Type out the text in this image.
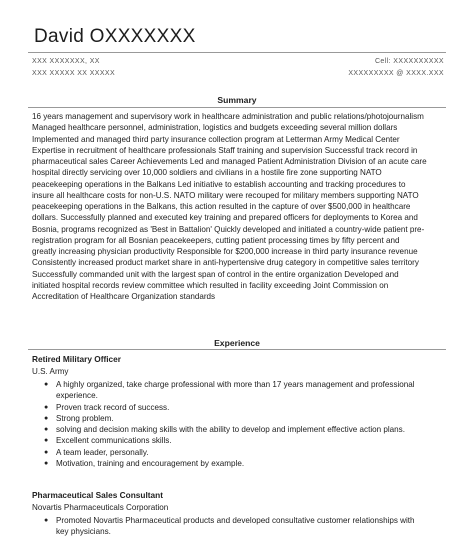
David OXXXXXXX
XXX XXXXXXX, XX
XXX XXXXX XX XXXXX
Cell: XXXXXXXXXX
XXXXXXXXX @ XXXX.XXX
Summary
16 years management and supervisory work in healthcare administration and public relations/photojournalism
Managed healthcare personnel, administration, logistics and budgets exceeding several million dollars
Implemented and managed third party insurance collection program at Letterman Army Medical Center
Expertise in recruitment of healthcare professionals Staff training and supervision Successful track record in
pharmaceutical sales Career Achievements Led and managed Patient Administration Division of an acute care
hospital directly servicing over 10,000 soldiers and civilians in a hostile fire zone supporting NATO
peacekeeping operations in the Balkans Led initiative to establish accounting and tracking procedures to
insure all healthcare costs for non-U.S. NATO military were recouped for military members supporting NATO
peacekeeping operations in the Balkans, this action resulted in the capture of over $500,000 in healthcare
dollars. Successfully planned and executed key training and prepared officers for deployments to Korea and
Bosnia, programs recognized as 'Best in Battalion' Quickly developed and initiated a country-wide patient pre-
registration program for all Bosnian peacekeepers, cutting patient processing times by fifty percent and
greatly increasing physician productivity Responsible for $200,000 increase in third party insurance revenue
Consistently increased product market share in anti-hypertensive drug category in competitive sales territory
Successfully commanded unit with the largest span of control in the entire organization Developed and
initiated hospital records review committee which resulted in facility exceeding Joint Commission on
Accreditation of Healthcare Organization standards
Experience
Retired Military Officer
U.S. Army
● A highly organized, take charge professional with more than 17 years management and professional
experience.
● Proven track record of success.
● Strong problem.
● solving and decision making skills with the ability to develop and implement effective action plans.
● Excellent communications skills.
● A team leader, personally.
● Motivation, training and encouragement by example.
Pharmaceutical Sales Consultant
Novartis Pharmaceuticals Corporation
● Promoted Novartis Pharmaceutical products and developed consultative customer relationships with
key physicians.
